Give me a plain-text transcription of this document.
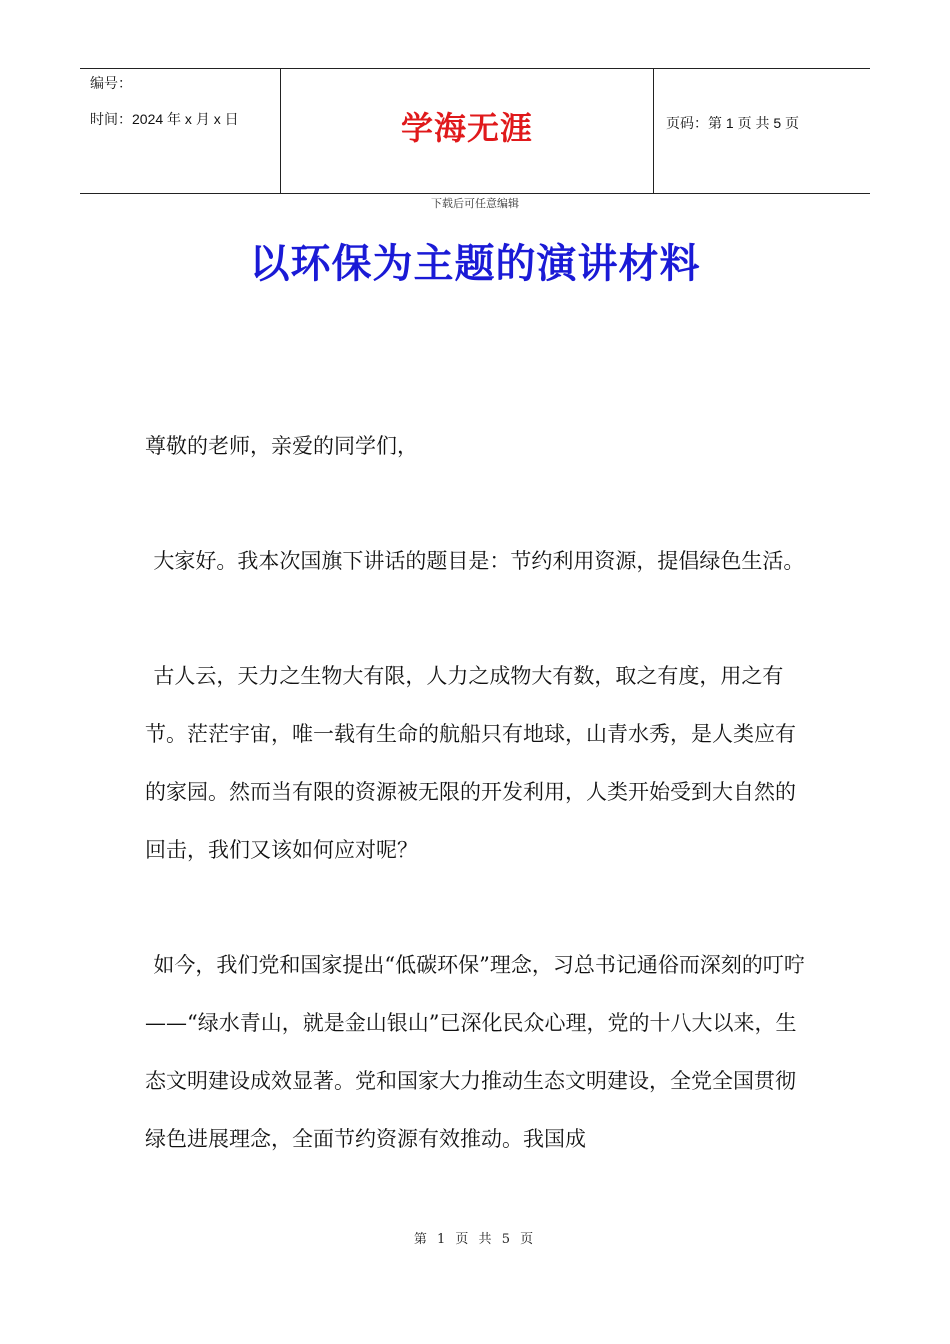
编号：
时间：2024 年 x 月 x 日	学海无涯	页码：第 1 页 共 5 页
下载后可任意编辑
以环保为主题的演讲材料

尊敬的老师，亲爱的同学们，

大家好。我本次国旗下讲话的题目是：节约利用资源，提倡绿色生活。

古人云，天力之生物大有限，人力之成物大有数，取之有度，用之有节。茫茫宇宙，唯一载有生命的航船只有地球，山青水秀，是人类应有的家园。然而当有限的资源被无限的开发利用，人类开始受到大自然的回击，我们又该如何应对呢？

如今，我们党和国家提出“低碳环保”理念，习总书记通俗而深刻的叮咛——“绿水青山，就是金山银山”已深化民众心理，党的十八大以来，生态文明建设成效显著。党和国家大力推动生态文明建设，全党全国贯彻绿色进展理念，全面节约资源有效推动。我国成

第 1 页 共 5 页
